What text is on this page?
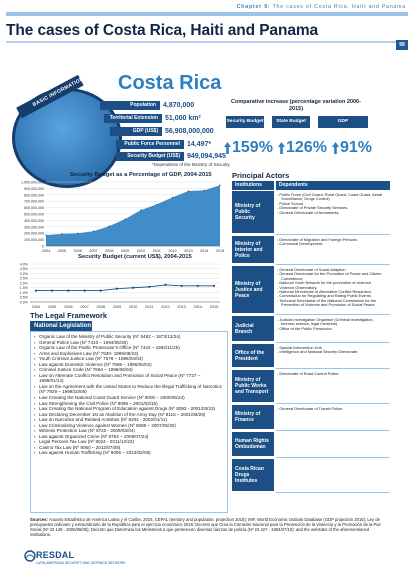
Chapter 9: The cases of Costa Rica, Haiti and Panama
99
The cases of Costa Rica, Haiti and Panama
Costa Rica
BASIC INFORMATION	Population	4,870,000
Territorial Extension	51,000 km²
GDP (US$)	56,908,000,000
Public Force Personnel	14,497*
Security Budget (US$)	949,094,945
*Dependents of the Ministry of Security
Comparative increase (percentage variation 2006-2015)
Security Budget	State Budget	GDP
159% 126% 91%
Security Budget as a Percentage of GDP, 2004-2015
1,000,000,000
900,000,000
800,000,000
700,000,000
600,000,000
500,000,000
400,000,000
300,000,000
200,000,000
100,000,000
0
2004 2005 2006 2007 2008 2009 2010 2011 2012 2013 2014 2015
Security Budget (current US$), 2004-2015
4.0%
3.5%
3.0%
2.5%
2.0%
1.5%
1.0%
0.5%
0.0%
2004 2005 2006 2007 2008 2009 2010 2011 2012 2013 2014 2015
Principal Actors
Institutions	Dependents
Ministry of Public Security
- Public Force (Civil Guard, Rural Guard, Coast Guard, Aerial Surveillance, Drugs Control)
- Police School.
- Directorate of Private Security Services.
- General Directorate of Armaments.
Ministry of Interior and Police
- Directorate of Migration and Foreign Persons.
- Communal Development.
Ministry of Justice and Peace
- General Directorate of Social Adaption.
- General Directorate for the Promotion of Peace and Citizen Coexistence.
- National Youth Network for the prevention of violence.
- Violence Observatory.
- National Directorate of Alternative Conflict Resolution.
- Commission for Regulating and Rating Public Events.
- Technical Secretariat of the National Commission for the Prevention of Violence and Promotion of Social Peace.
Judicial Branch
- Judicial Investigation Organism (Criminal investigation, forensic science, legal medicine).
- Office of the Public Prosecutor.
Office of the President
- Special Intervention Unit.
- Intelligence and National Security Directorate.
Ministry of Public Works and Transport
- Directorate of Road Control Police.
Ministry of Finance
- General Directorate of Transit Police.
Human Rights Ombudsman
Costa Rican Drugs Institutes
The Legal Framework
National Legislation
▪ Organic Law of the Ministry of Public Security (Nº 5482 – 1973/12/24)
▪ General Police Law (Nº 7410 – 1994/05/30)
▪ Organic Law of the Public Prosecutor's Office (Nº 7442 – 1994/11/25)
▪ Arms and Explosives Law (Nº 7530- 1995/08/23)
▪ Youth Criminal Justice Law (Nº 7576 – 1996/04/04)
▪ Law against Domestic Violence (Nº 7586 – 1996/05/02)
▪ Criminal Justice Code (Nº 7594 – 1996/06/04)
▪ Law on Alternate Conflict Resolution and Promotion of Social Peace (Nº 7727 – 1998/01/14)
▪ Law on the Agreement with the United States to Reduce the Illegal Trafficking of Narcotics (Nº 7929 – 1999/10/06)
▪ Law Creating the National Coast Guard Service (Nº 8000 – 2000/05/24)
▪ Law Strengthening the Civil Police (Nº 8096 – 2001/03/15)
▪ Law Creating the National Program of Education against Drugs (Nº 8093 - 2001/03/23)
▪ Law Declaring December 1st as Abolition of the Army Day (Nº 8115 – 2001/08/29)
▪ Law on Narcotics and Related Activities (Nº 8204 - 2002/01/11)
▪ Law Criminalizing Violence against Women (Nº 8589 – 2007/05/30)
▪ Witness Protection Law (Nº 8720 - 2009/03/04)
▪ Law against Organized Crime (Nº 8754 – 2009/07/24)
▪ Legal Persons Tax Law (Nº 9024 - 2011/12/23)
▪ Casino Tax Law (Nº 9050 – 2012/07/09)
▪ Law against Human Trafficking (Nº 9095 – 2013/02/08)
Sources: Anuario Estadístico de América Latina y el Caribe, 2015, CEPAL (territory and population: projection 2016); IMF, World Economic Outlook Database (GDP projection 2016); Ley de presupuesto ordinario y extraordinario de la República para el ejercicio económico 2016; Decreto que Crea la Comisión Nacional para la Prevención de la Violencia y la Promoción de la Paz Social (Nº 33 149 - 2006/06/05); Decreto que Determina los Ministerios a que pertenecen diversas fuerzas de policía (Nº 23 427 - 1994/07/10); and the websites of the aforementioned institutions.
RESDAL
LATIN AMERICAN SECURITY AND DEFENCE NETWORK
